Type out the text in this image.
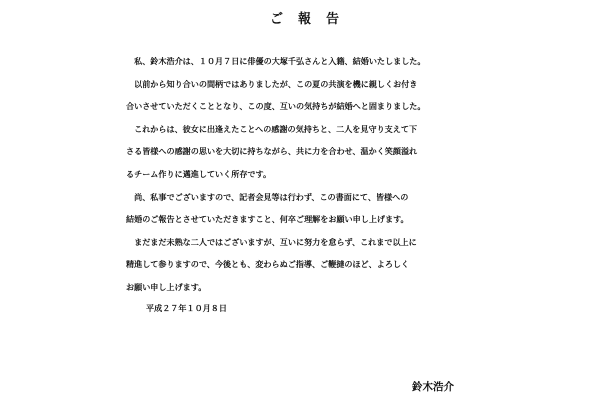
ご　報　告
　私、鈴木浩介は、１０月７日に俳優の大塚千弘さんと入籍、結婚いたしました。
　以前から知り合いの間柄ではありましたが、この夏の共演を機に親しくお付き
合いさせていただくこととなり、この度、互いの気持ちが結婚へと固まりました。
　これからは、彼女に出逢えたことへの感謝の気持ちと、二人を見守り支えて下
さる皆様への感謝の思いを大切に持ちながら、共に力を合わせ、温かく笑顔溢れ
るチーム作りに邁進していく所存です。
　尚、私事でございますので、記者会見等は行わず、この書面にて、皆様への
結婚のご報告とさせていただきますこと、何卒ご理解をお願い申し上げます。
　まだまだ未熟な二人ではございますが、互いに努力を怠らず、これまで以上に
精進して参りますので、今後とも、変わらぬご指導、ご鞭撻のほど、よろしく
お願い申し上げます。
平成２７年１０月８日
鈴木浩介
